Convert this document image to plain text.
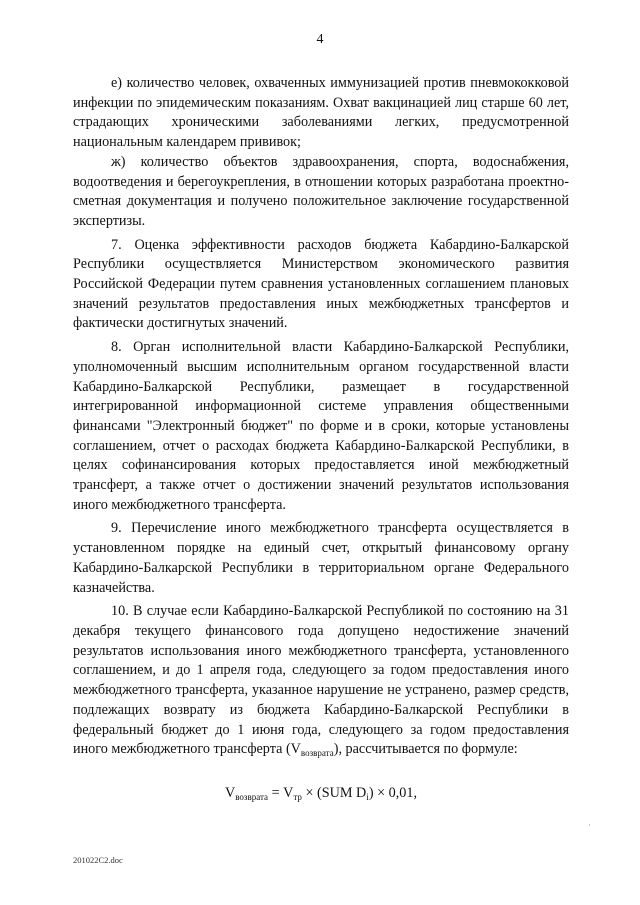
4

е) количество человек, охваченных иммунизацией против пневмококковой инфекции по эпидемическим показаниям. Охват вакцинацией лиц старше 60 лет, страдающих хроническими заболеваниями легких, предусмотренной национальным календарем прививок;

ж) количество объектов здравоохранения, спорта, водоснабжения, водоотведения и берегоукрепления, в отношении которых разработана проектно-сметная документация и получено положительное заключение государственной экспертизы.

7. Оценка эффективности расходов бюджета Кабардино-Балкарской Республики осуществляется Министерством экономического развития Российской Федерации путем сравнения установленных соглашением плановых значений результатов предоставления иных межбюджетных трансфертов и фактически достигнутых значений.

8. Орган исполнительной власти Кабардино-Балкарской Республики, уполномоченный высшим исполнительным органом государственной власти Кабардино-Балкарской Республики, размещает в государственной интегрированной информационной системе управления общественными финансами "Электронный бюджет" по форме и в сроки, которые установлены соглашением, отчет о расходах бюджета Кабардино-Балкарской Республики, в целях софинансирования которых предоставляется иной межбюджетный трансферт, а также отчет о достижении значений результатов использования иного межбюджетного трансферта.

9. Перечисление иного межбюджетного трансферта осуществляется в установленном порядке на единый счет, открытый финансовому органу Кабардино-Балкарской Республики в территориальном органе Федерального казначейства.

10. В случае если Кабардино-Балкарской Республикой по состоянию на 31 декабря текущего финансового года допущено недостижение значений результатов использования иного межбюджетного трансферта, установленного соглашением, и до 1 апреля года, следующего за годом предоставления иного межбюджетного трансферта, указанное нарушение не устранено, размер средств, подлежащих возврату из бюджета Кабардино-Балкарской Республики в федеральный бюджет до 1 июня года, следующего за годом предоставления иного межбюджетного трансферта $(V_{возврата})$, рассчитывается по формуле:

$V_{возврата} = V_{тр} \times (SUM$ $D_i) \times 0,01$,

·
201022С2.doc
